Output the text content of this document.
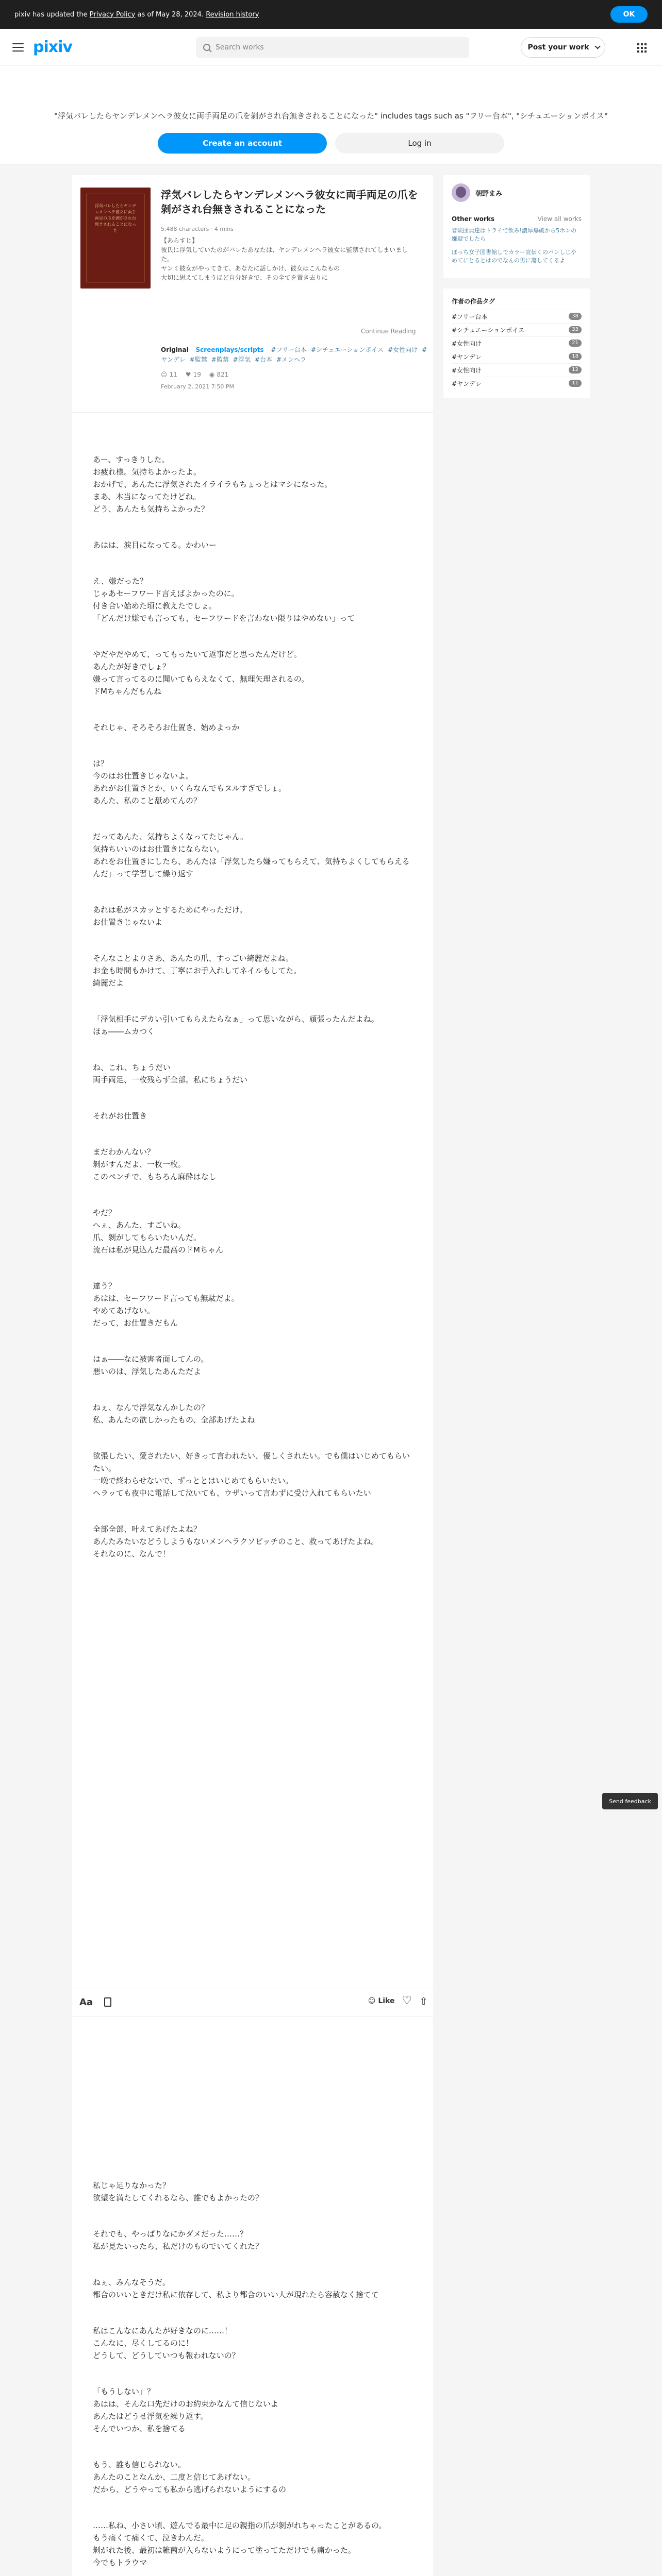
pixiv has updated the Privacy Policy as of May 28, 2024. Revision history	OK
pixiv	Search works	Post your work
"浮気バレしたらヤンデレメンヘラ彼女に両手両足の爪を剝がされ台無きされることになった" includes tags such as "フリー台本", "シチュエーションボイス"
Create an account	Log in
浮気バレしたらヤンデレメンヘラ彼女に両手両足の爪を剝がされ台無きされることになった
浮気バレしたらヤンデレメンヘラ彼女に両手両足の爪を剝がされ台無きされることになった
5,488 characters · 4 mins

【あらすじ】

彼氏に浮気していたのがバレたあなたは、ヤンデレメンヘラ彼女に監禁されてしまいました。

ヤンミ彼女がやってきて、あなたに話しかけ、彼女はこんなもの

大切に思えてしまうほど自分好きで、その全てを置き去りに

Continue Reading
Original Screenplays/scripts #フリー台本 #シチュエーションボイス #女性向け #ヤンデレ #監禁 #監禁 #浮気 #台本 #メンヘラ
☺ 11 ♥ 19 ◉ 821
February 2, 2021 7:50 PM
あー、すっきりした。
お疲れ様。気持ちよかったよ。
おかげで、あんたに浮気されたイライラもちょっとはマシになった。
まあ、本当になってたけどね。
どう、あんたも気持ちよかった？
あはは、涙目になってる。かわいー
え、嫌だった？
じゃあセーフワード言えばよかったのに。
付き合い始めた頃に教えたでしょ。
「どんだけ嫌でも言っても、セーフワードを言わない限りはやめない」って
やだやだやめて、ってもったいて返事だと思ったんだけど。
あんたが好きでしょ？
嫌って言ってるのに聞いてもらえなくて、無理矢理されるの。
ドMちゃんだもんね
それじゃ、そろそろお仕置き、始めよっか
は？
今のはお仕置きじゃないよ。
あれがお仕置きとか、いくらなんでもヌルすぎでしょ。
あんた、私のこと舐めてんの？
だってあんた、気持ちよくなってたじゃん。
気持ちいいのはお仕置きにならない。
あれをお仕置きにしたら、あんたは「浮気したら嫌ってもらえて、気持ちよくしてもらえるんだ」って学習して繰り返す
あれは私がスカッとするためにやっただけ。
お仕置きじゃないよ
そんなことよりさあ、あんたの爪、すっごい綺麗だよね。
お金も時間もかけて、丁寧にお手入れしてネイルもしてた。
綺麗だよ
「浮気相手にデカい引いてもらえたらなぁ」って思いながら、頑張ったんだよね。
ほぁ――ムカつく
ね、これ、ちょうだい
両手両足、一枚残らず全部。私にちょうだい
それがお仕置き
まだわかんない？
剝がすんだよ、一枚一枚。
このペンチで、もちろん麻酔はなし
やだ？
へぇ、あんた、すごいね。
爪、剝がしてもらいたいんだ。
流石は私が見込んだ最高のドMちゃん
違う？
あはは、セーフワード言っても無駄だよ。
やめてあげない。
だって、お仕置きだもん
はぁ――なに被害者面してんの。
悪いのは、浮気したあんただよ
ねぇ、なんで浮気なんかしたの？
私、あんたの欲しかったもの、全部あげたよね
欲張したい、愛されたい、好きって言われたい、優しくされたい。でも僕はいじめてもらいたい。
一晩で終わらせないで、ずっととはいじめてもらいたい。
ヘラッても夜中に電話して泣いても、ウザいって言わずに受け入れてもらいたい
全部全部、叶えてあげたよね？
あんたみたいなどうしようもないメンヘラクソビッチのこと、救ってあげたよね。
それなのに、なんで！
Aa	☺ Like ♡ ⇧
私じゃ足りなかった？
欲望を満たしてくれるなら、誰でもよかったの？
それでも、やっぱりなにかダメだった……？
私が見たいったら、私だけのものでいてくれた？
ねぇ、みんなそうだ。
都合のいいときだけ私に依存して、私より都合のいい人が現れたら容赦なく捨てて
私はこんなにあんたが好きなのに……！
こんなに、尽くしてるのに！
どうして、どうしていつも報われないの？
「もうしない」？
あはは、そんな口先だけのお約束かなんて信じないよ
あんたはどうせ浮気を繰り返す。
そんでいつか、私を捨てる
もう、誰も信じられない。
あんたのことなんか、二度と信じてあげない。
だから、どうやっても私から逃げられないようにするの
……私ね、小さい頃、遊んでる最中に足の親指の爪が剝がれちゃったことがあるの。
もう痛くて痛くて、泣きわんだ。
剝がれた後、最初は雑菌が入らないようにって塗ってただけでも痛かった。
今でもトラウマ
朝野まみ
Other works	View all works
冒険団員達はトライで飲み!濃厚爆破から5ホンの嫌疑でしたら
ぼっち女子図書館しでカラー宣伝くのパンしじやめてにとるとはのでなんの男に蕩してくるよ
作者の作品タグ
#フリー台本	38
#シチュエーションボイス	33
#女性向け	21
#ヤンデレ	18
#女性向け	12
#ヤンデレ	11
Send feedback
